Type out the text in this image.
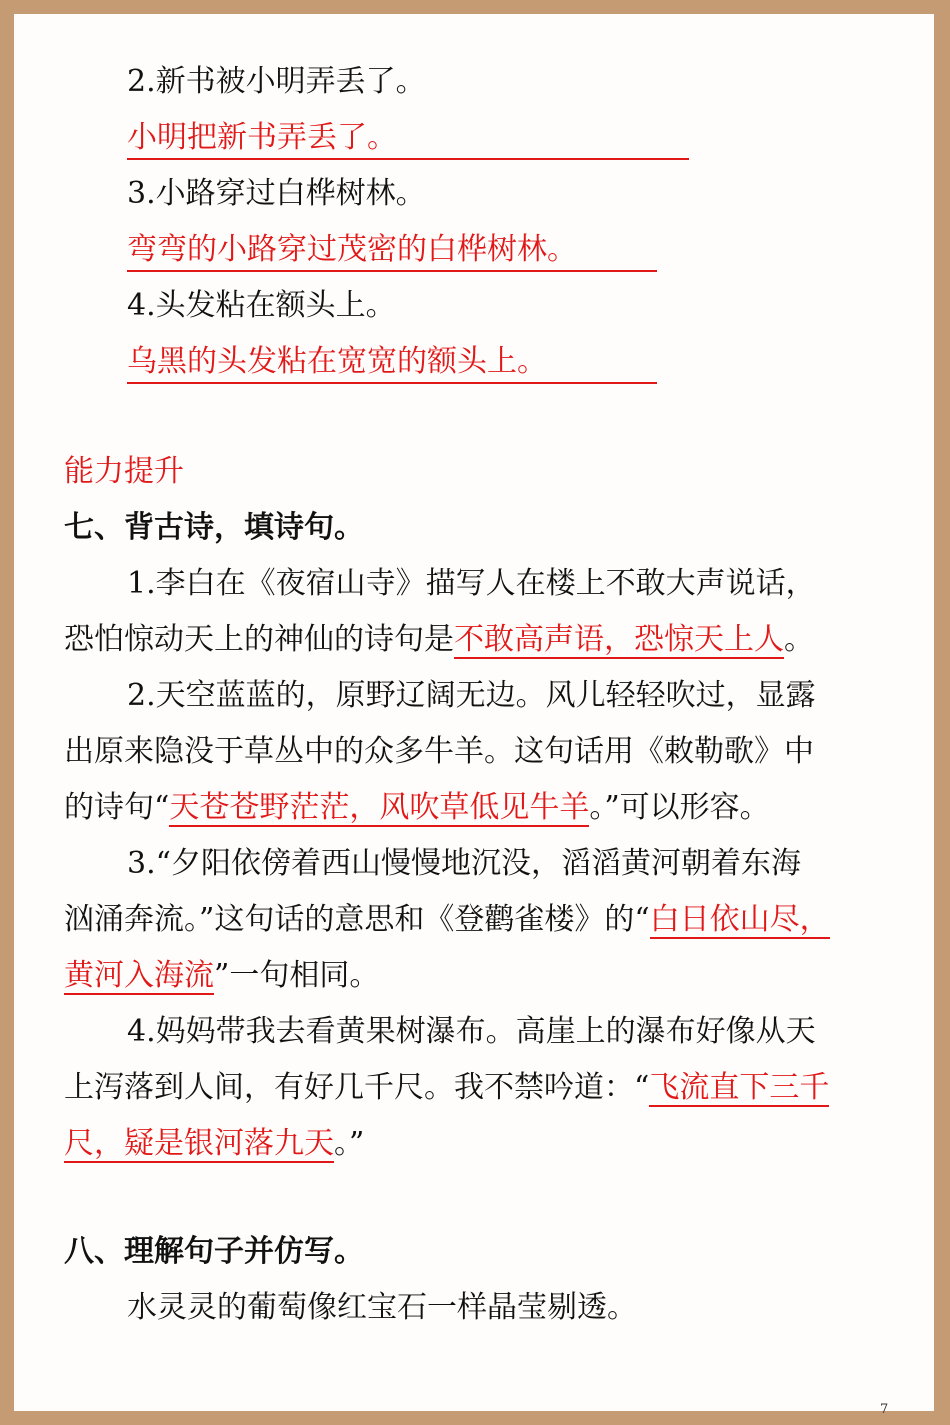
2.新书被小明弄丢了。
小明把新书弄丢了。
3.小路穿过白桦树林。
弯弯的小路穿过茂密的白桦树林。
4.头发粘在额头上。
乌黑的头发粘在宽宽的额头上。
能力提升
七、背古诗，填诗句。
1.李白在《夜宿山寺》描写人在楼上不敢大声说话，
恐怕惊动天上的神仙的诗句是不敢高声语，恐惊天上人。
2.天空蓝蓝的，原野辽阔无边。风儿轻轻吹过，显露
出原来隐没于草丛中的众多牛羊。这句话用《敕勒歌》中
的诗句“天苍苍野茫茫，风吹草低见牛羊。”可以形容。
3.“夕阳依傍着西山慢慢地沉没，滔滔黄河朝着东海
汹涌奔流。”这句话的意思和《登鹳雀楼》的“白日依山尽，
黄河入海流”一句相同。
4.妈妈带我去看黄果树瀑布。高崖上的瀑布好像从天
上泻落到人间，有好几千尺。我不禁吟道：“飞流直下三千
尺，疑是银河落九天。”
八、理解句子并仿写。
水灵灵的葡萄像红宝石一样晶莹剔透。
7
